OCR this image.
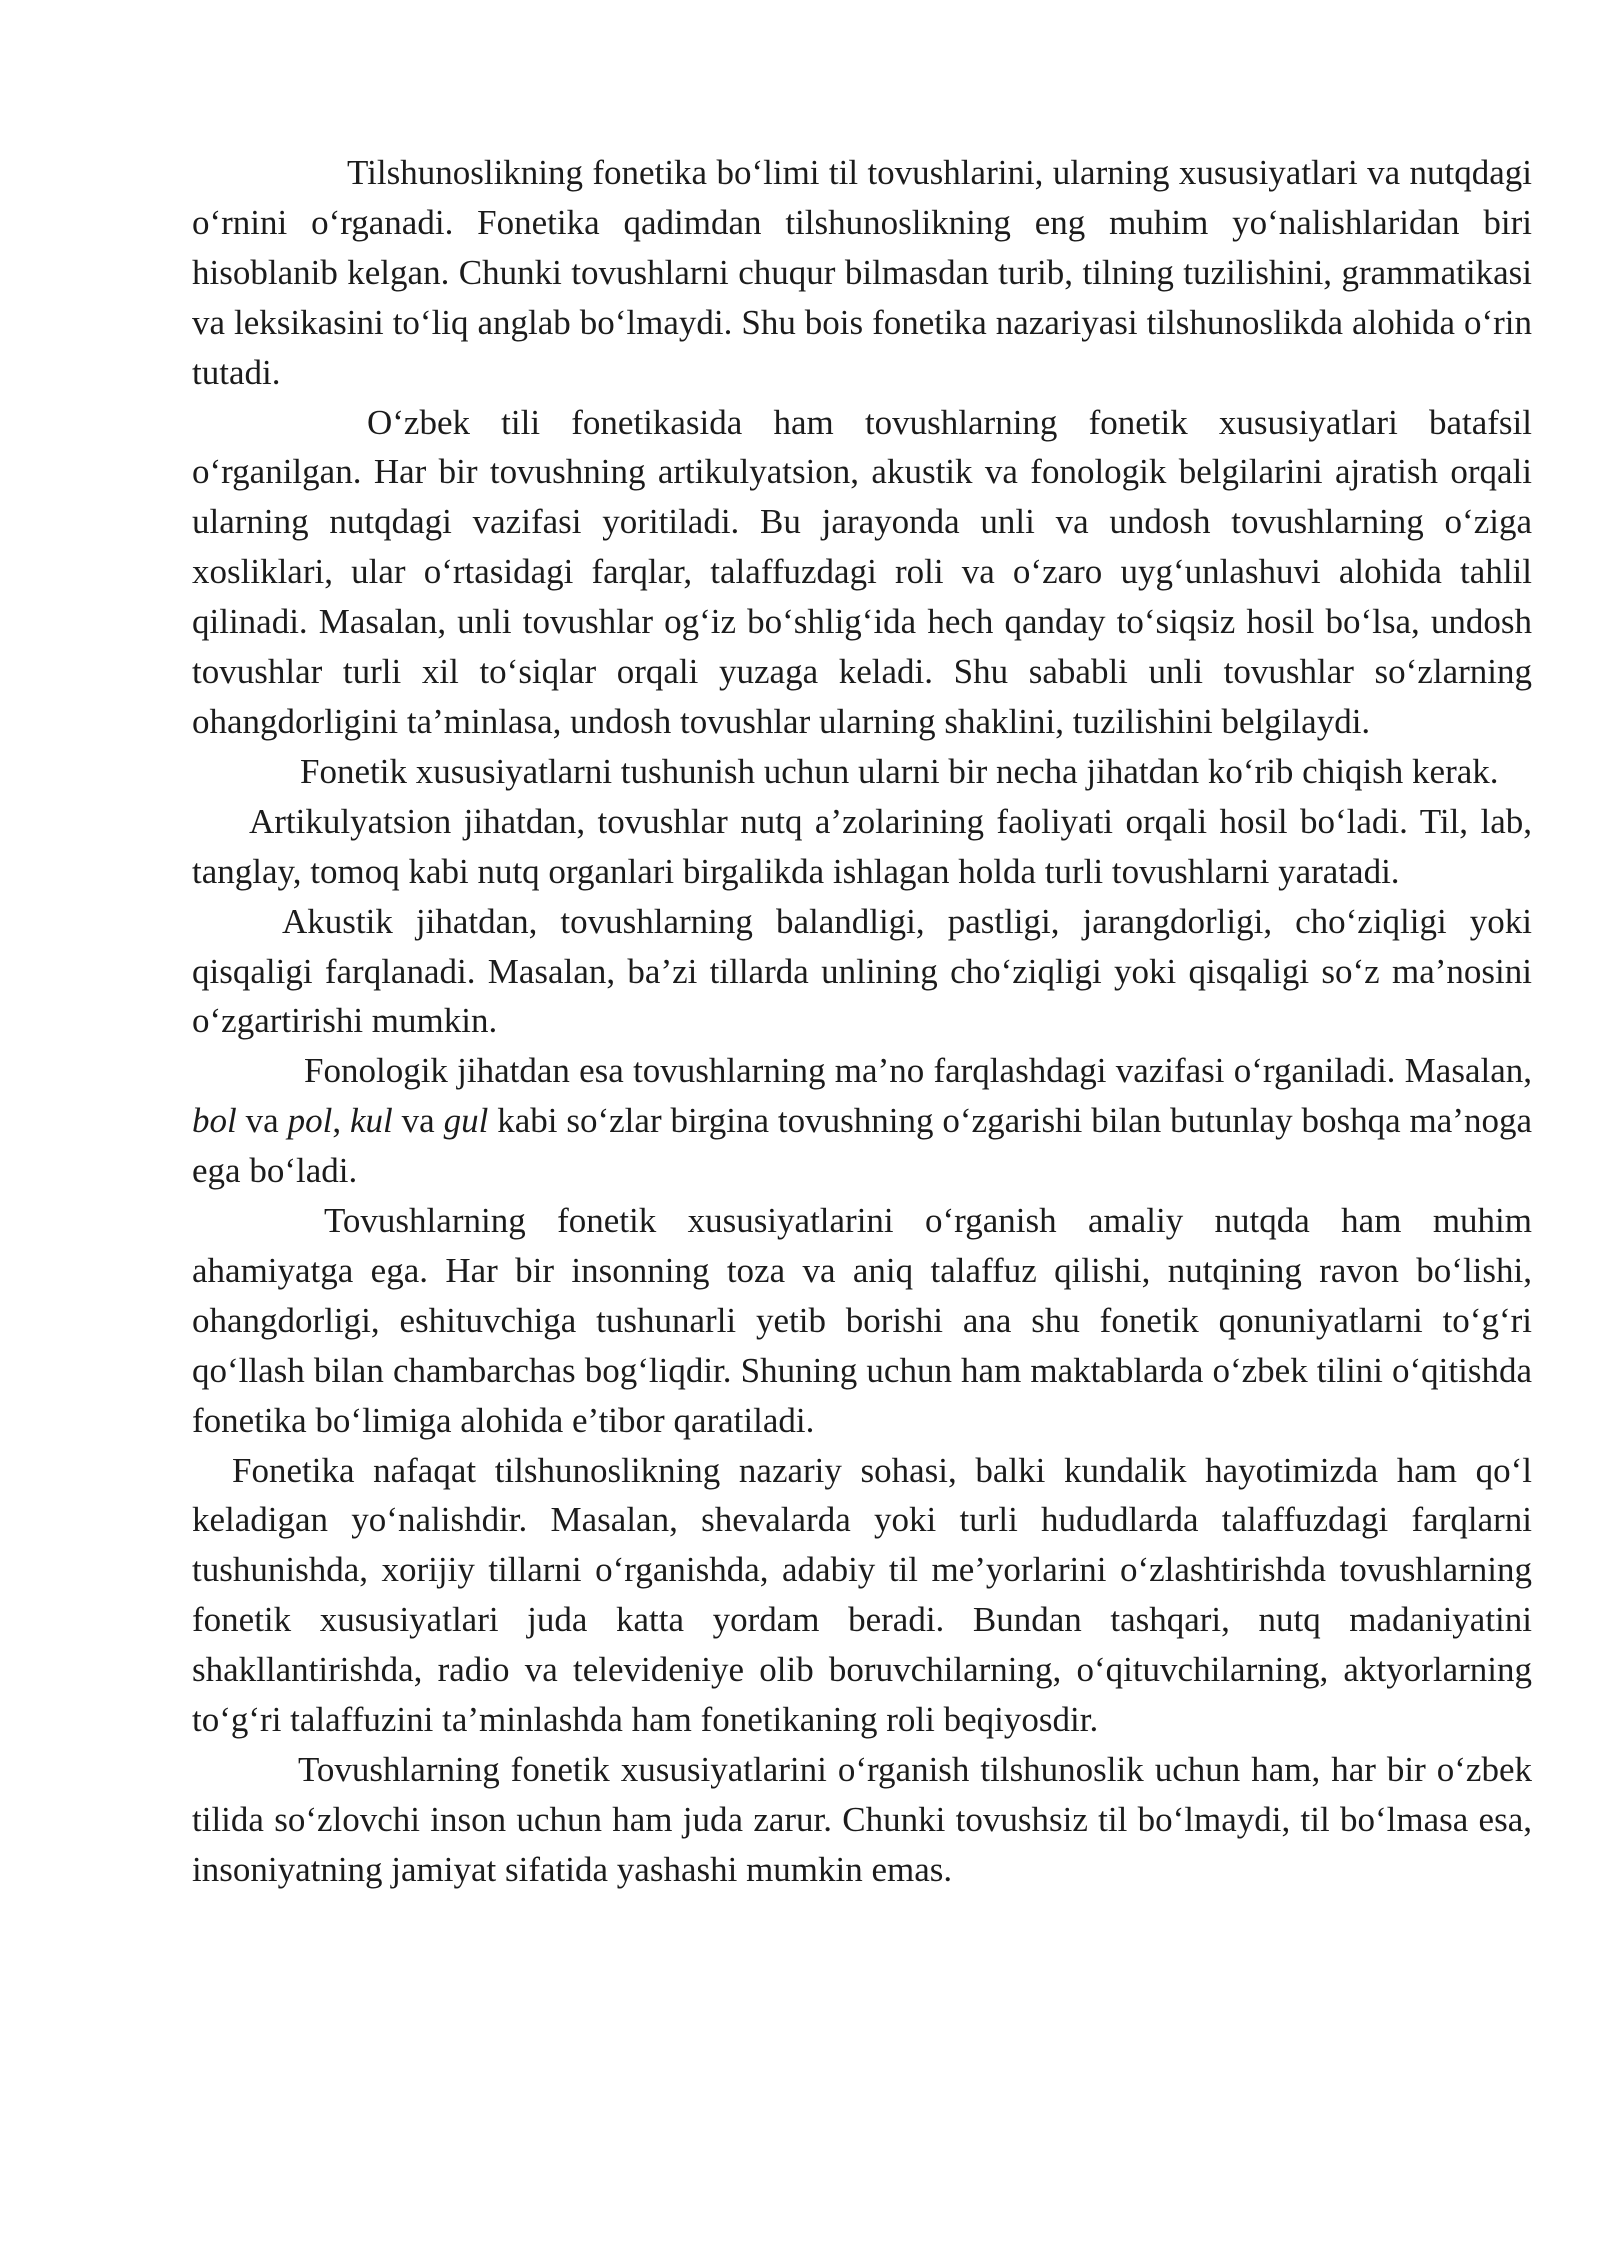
Tilshunoslikning fonetika bo‘limi til tovushlarini, ularning xususiyatlari va nutqdagi o‘rnini o‘rganadi. Fonetika qadimdan tilshunoslikning eng muhim yo‘nalishlaridan biri hisoblanib kelgan. Chunki tovushlarni chuqur bilmasdan turib, tilning tuzilishini, grammatikasi va leksikasini to‘liq anglab bo‘lmaydi. Shu bois fonetika nazariyasi tilshunoslikda alohida o‘rin tutadi.

O‘zbek tili fonetikasida ham tovushlarning fonetik xususiyatlari batafsil o‘rganilgan. Har bir tovushning artikulyatsion, akustik va fonologik belgilarini ajratish orqali ularning nutqdagi vazifasi yoritiladi. Bu jarayonda unli va undosh tovushlarning o‘ziga xosliklari, ular o‘rtasidagi farqlar, talaffuzdagi roli va o‘zaro uyg‘unlashuvi alohida tahlil qilinadi. Masalan, unli tovushlar og‘iz bo‘shlig‘ida hech qanday to‘siqsiz hosil bo‘lsa, undosh tovushlar turli xil to‘siqlar orqali yuzaga keladi. Shu sababli unli tovushlar so‘zlarning ohangdorligini ta’minlasa, undosh tovushlar ularning shaklini, tuzilishini belgilaydi.

Fonetik xususiyatlarni tushunish uchun ularni bir necha jihatdan ko‘rib chiqish kerak.

Artikulyatsion jihatdan, tovushlar nutq a’zolarining faoliyati orqali hosil bo‘ladi. Til, lab, tanglay, tomoq kabi nutq organlari birgalikda ishlagan holda turli tovushlarni yaratadi.

Akustik jihatdan, tovushlarning balandligi, pastligi, jarangdorligi, cho‘ziqligi yoki qisqaligi farqlanadi. Masalan, ba’zi tillarda unlining cho‘ziqligi yoki qisqaligi so‘z ma’nosini o‘zgartirishi mumkin.

Fonologik jihatdan esa tovushlarning ma’no farqlashdagi vazifasi o‘rganiladi. Masalan, bol va pol, kul va gul kabi so‘zlar birgina tovushning o‘zgarishi bilan butunlay boshqa ma’noga ega bo‘ladi.

Tovushlarning fonetik xususiyatlarini o‘rganish amaliy nutqda ham muhim ahamiyatga ega. Har bir insonning toza va aniq talaffuz qilishi, nutqining ravon bo‘lishi, ohangdorligi, eshituvchiga tushunarli yetib borishi ana shu fonetik qonuniyatlarni to‘g‘ri qo‘llash bilan chambarchas bog‘liqdir. Shuning uchun ham maktablarda o‘zbek tilini o‘qitishda fonetika bo‘limiga alohida e’tibor qaratiladi.

Fonetika nafaqat tilshunoslikning nazariy sohasi, balki kundalik hayotimizda ham qo‘l keladigan yo‘nalishdir. Masalan, shevalarda yoki turli hududlarda talaffuzdagi farqlarni tushunishda, xorijiy tillarni o‘rganishda, adabiy til me’yorlarini o‘zlashtirishda tovushlarning fonetik xususiyatlari juda katta yordam beradi. Bundan tashqari, nutq madaniyatini shakllantirishda, radio va televideniye olib boruvchilarning, o‘qituvchilarning, aktyorlarning to‘g‘ri talaffuzini ta’minlashda ham fonetikaning roli beqiyosdir.

Tovushlarning fonetik xususiyatlarini o‘rganish tilshunoslik uchun ham, har bir o‘zbek tilida so‘zlovchi inson uchun ham juda zarur. Chunki tovushsiz til bo‘lmaydi, til bo‘lmasa esa, insoniyatning jamiyat sifatida yashashi mumkin emas.
